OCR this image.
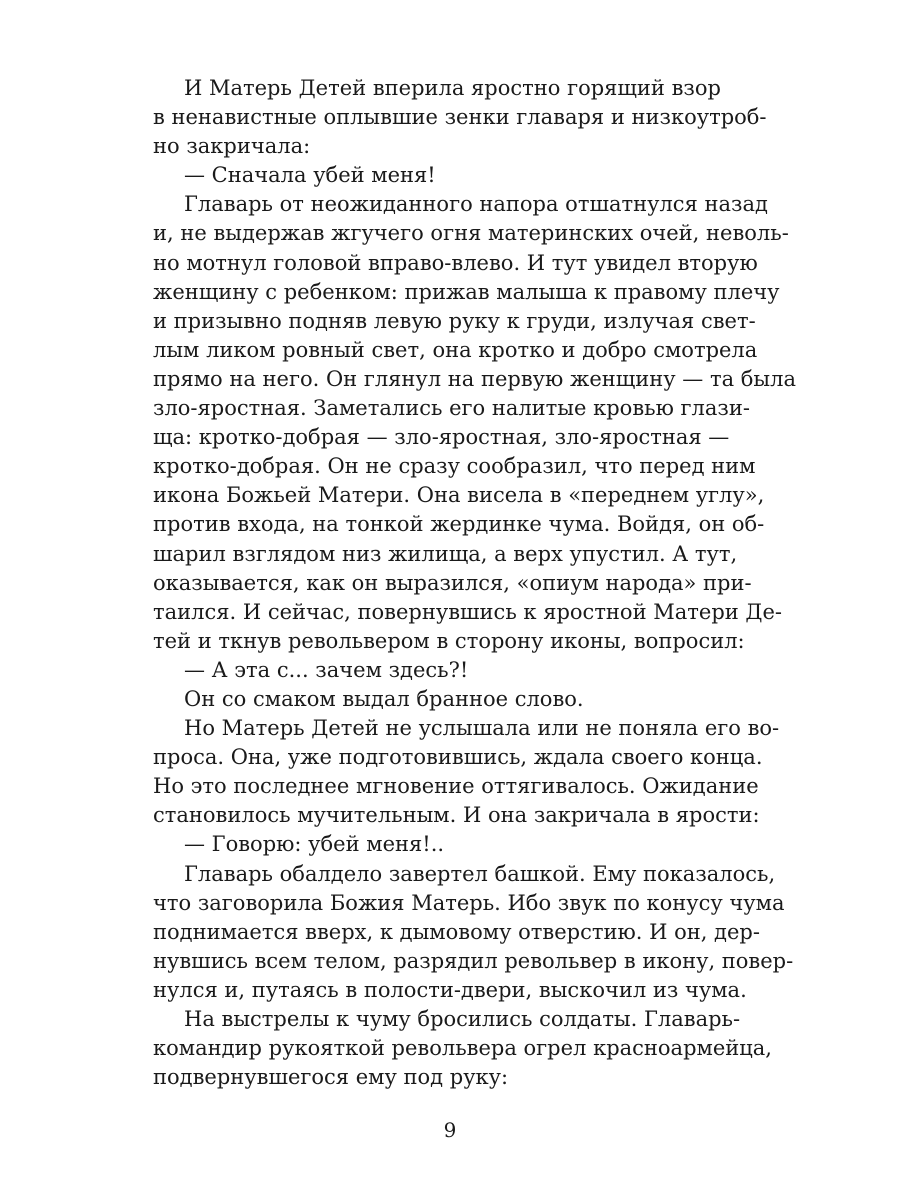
И Матерь Детей вперила яростно горящий взор
в ненавистные оплывшие зенки главаря и низкоутроб-
но закричала:
— Сначала убей меня!
Главарь от неожиданного напора отшатнулся назад
и, не выдержав жгучего огня материнских очей, неволь-
но мотнул головой вправо-влево. И тут увидел вторую
женщину с ребенком: прижав малыша к правому плечу
и призывно подняв левую руку к груди, излучая свет-
лым ликом ровный свет, она кротко и добро смотрела
прямо на него. Он глянул на первую женщину — та была
зло-яростная. Заметались его налитые кровью глази-
ща: кротко-добрая — зло-яростная, зло-яростная —
кротко-добрая. Он не сразу сообразил, что перед ним
икона Божьей Матери. Она висела в «переднем углу»,
против входа, на тонкой жердинке чума. Войдя, он об-
шарил взглядом низ жилища, а верх упустил. А тут,
оказывается, как он выразился, «опиум народа» при-
таился. И сейчас, повернувшись к яростной Матери Де-
тей и ткнув револьвером в сторону иконы, вопросил:
— А эта с... зачем здесь?!
Он со смаком выдал бранное слово.
Но Матерь Детей не услышала или не поняла его во-
проса. Она, уже подготовившись, ждала своего конца.
Но это последнее мгновение оттягивалось. Ожидание
становилось мучительным. И она закричала в ярости:
— Говорю: убей меня!..
Главарь обалделo завертел башкой. Ему показалось,
что заговорила Божия Матерь. Ибо звук по конусу чума
поднимается вверх, к дымовому отверстию. И он, дер-
нувшись всем телом, разрядил револьвер в икону, повер-
нулся и, путаясь в полости-двери, выскочил из чума.
На выстрелы к чуму бросились солдаты. Главарь-
командир рукояткой револьвера огрел красноармейца,
подвернувшегося ему под руку:
9
